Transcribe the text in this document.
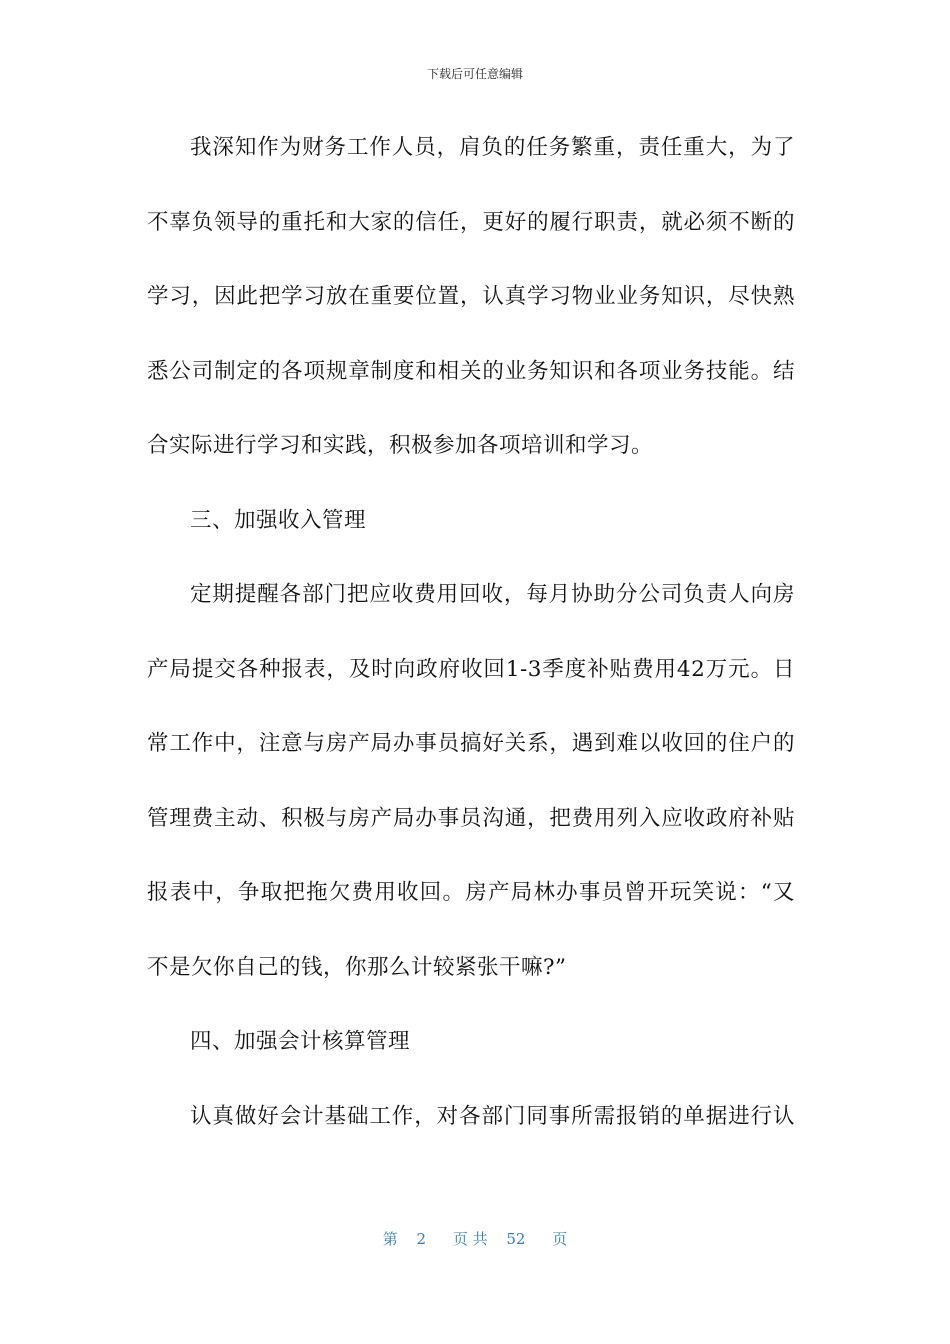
下载后可任意编辑
我深知作为财务工作人员，肩负的任务繁重，责任重大，为了
不辜负领导的重托和大家的信任，更好的履行职责，就必须不断的
学习，因此把学习放在重要位置，认真学习物业业务知识，尽快熟
悉公司制定的各项规章制度和相关的业务知识和各项业务技能。结
合实际进行学习和实践，积极参加各项培训和学习。
三、加强收入管理
定期提醒各部门把应收费用回收，每月协助分公司负责人向房
产局提交各种报表，及时向政府收回1-3季度补贴费用42万元。日
常工作中，注意与房产局办事员搞好关系，遇到难以收回的住户的
管理费主动、积极与房产局办事员沟通，把费用列入应收政府补贴
报表中，争取把拖欠费用收回。房产局林办事员曾开玩笑说：“又
不是欠你自己的钱，你那么计较紧张干嘛?”
四、加强会计核算管理
认真做好会计基础工作，对各部门同事所需报销的单据进行认
第 2 页 共 52 页
